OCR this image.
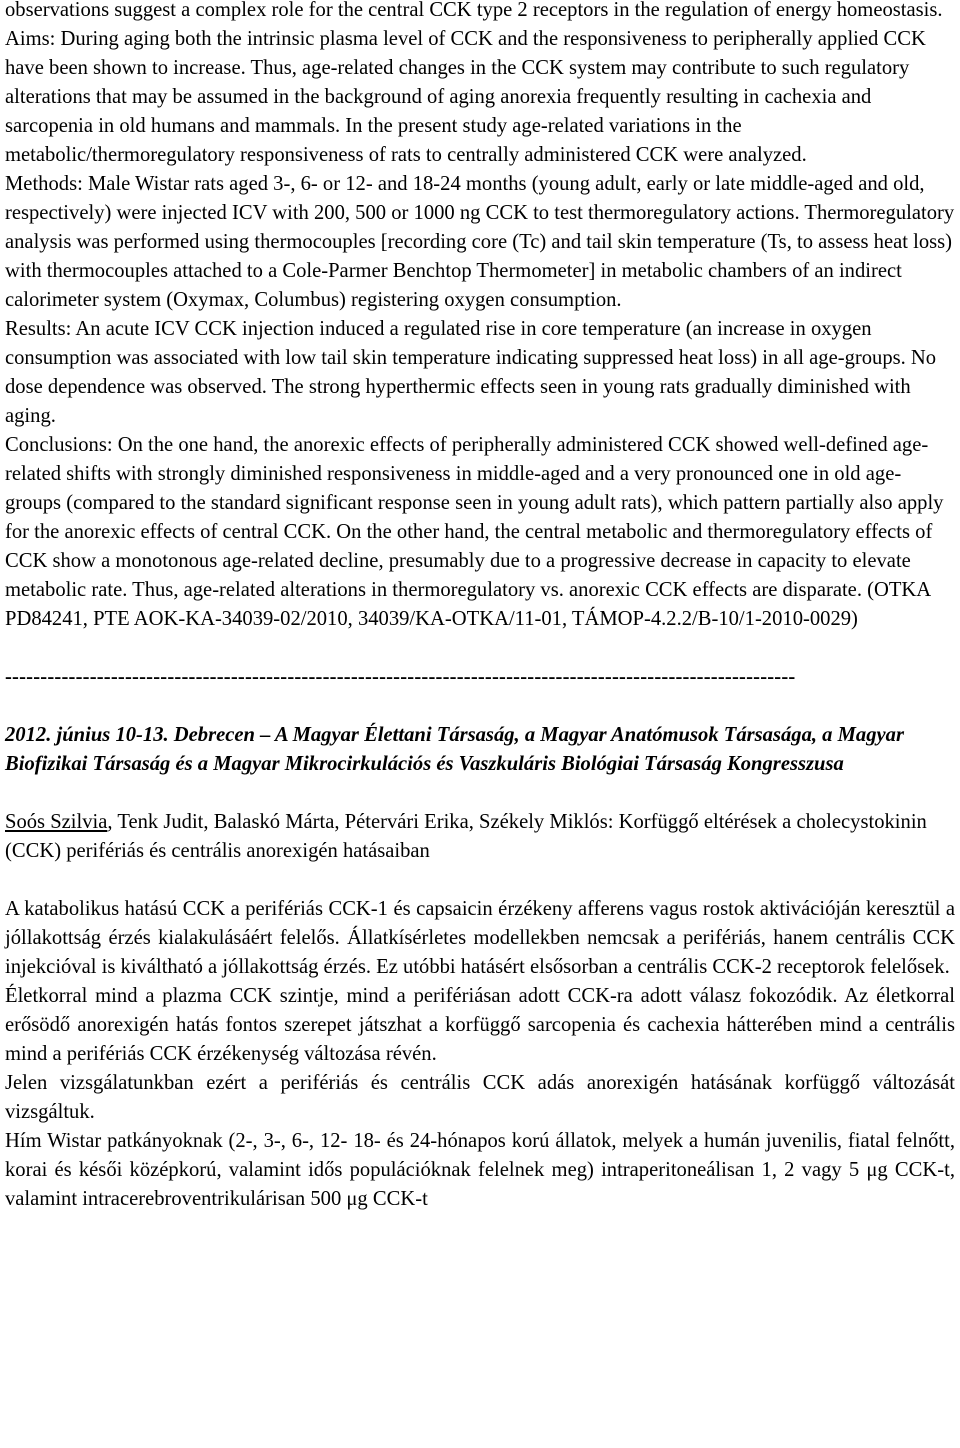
observations suggest a complex role for the central CCK type 2 receptors in the regulation of energy homeostasis.

Aims: During aging both the intrinsic plasma level of CCK and the responsiveness to peripherally applied CCK have been shown to increase. Thus, age-related changes in the CCK system may contribute to such regulatory alterations that may be assumed in the background of aging anorexia frequently resulting in cachexia and sarcopenia in old humans and mammals. In the present study age-related variations in the metabolic/thermoregulatory responsiveness of rats to centrally administered CCK were analyzed.

Methods: Male Wistar rats aged 3-, 6- or 12- and 18-24 months (young adult, early or late middle-aged and old, respectively) were injected ICV with 200, 500 or 1000 ng CCK to test thermoregulatory actions. Thermoregulatory analysis was performed using thermocouples [recording core (Tc) and tail skin temperature (Ts, to assess heat loss) with thermocouples attached to a Cole-Parmer Benchtop Thermometer] in metabolic chambers of an indirect calorimeter system (Oxymax, Columbus) registering oxygen consumption.

Results: An acute ICV CCK injection induced a regulated rise in core temperature (an increase in oxygen consumption was associated with low tail skin temperature indicating suppressed heat loss) in all age-groups. No dose dependence was observed. The strong hyperthermic effects seen in young rats gradually diminished with aging.

Conclusions: On the one hand, the anorexic effects of peripherally administered CCK showed well-defined age-related shifts with strongly diminished responsiveness in middle-aged and a very pronounced one in old age-groups (compared to the standard significant response seen in young adult rats), which pattern partially also apply for the anorexic effects of central CCK. On the other hand, the central metabolic and thermoregulatory effects of CCK show a monotonous age-related decline, presumably due to a progressive decrease in capacity to elevate metabolic rate. Thus, age-related alterations in thermoregulatory vs. anorexic CCK effects are disparate. (OTKA PD84241, PTE AOK-KA-34039-02/2010, 34039/KA-OTKA/11-01, TÁMOP-4.2.2/B-10/1-2010-0029)

----------------------------------------------------------------------------------------------------------------

2012. június 10-13. Debrecen – A Magyar Élettani Társaság, a Magyar Anatómusok Társasága, a Magyar Biofizikai Társaság és a Magyar Mikrocirkulációs és Vaszkuláris Biológiai Társaság Kongresszusa

Soós Szilvia, Tenk Judit, Balaskó Márta, Pétervári Erika, Székely Miklós: Korfüggő eltérések a cholecystokinin (CCK) perifériás és centrális anorexigén hatásaiban

A katabolikus hatású CCK a perifériás CCK-1 és capsaicin érzékeny afferens vagus rostok aktivációján keresztül a jóllakottság érzés kialakulásáért felelős. Állatkísérletes modellekben nemcsak a perifériás, hanem centrális CCK injekcióval is kiváltható a jóllakottság érzés. Ez utóbbi hatásért elsősorban a centrális CCK-2 receptorok felelősek.

Életkorral mind a plazma CCK szintje, mind a perifériásan adott CCK-ra adott válasz fokozódik. Az életkorral erősödő anorexigén hatás fontos szerepet játszhat a korfüggő sarcopenia és cachexia hátterében mind a centrális mind a perifériás CCK érzékenység változása révén.

Jelen vizsgálatunkban ezért a perifériás és centrális CCK adás anorexigén hatásának korfüggő változását vizsgáltuk.

Hím Wistar patkányoknak (2-, 3-, 6-, 12- 18- és 24-hónapos korú állatok, melyek a humán juvenilis, fiatal felnőtt, korai és késői középkorú, valamint idős populációknak felelnek meg) intraperitoneálisan 1, 2 vagy 5 μg CCK-t, valamint intracerebroventrikulárisan 500 μg CCK-t
